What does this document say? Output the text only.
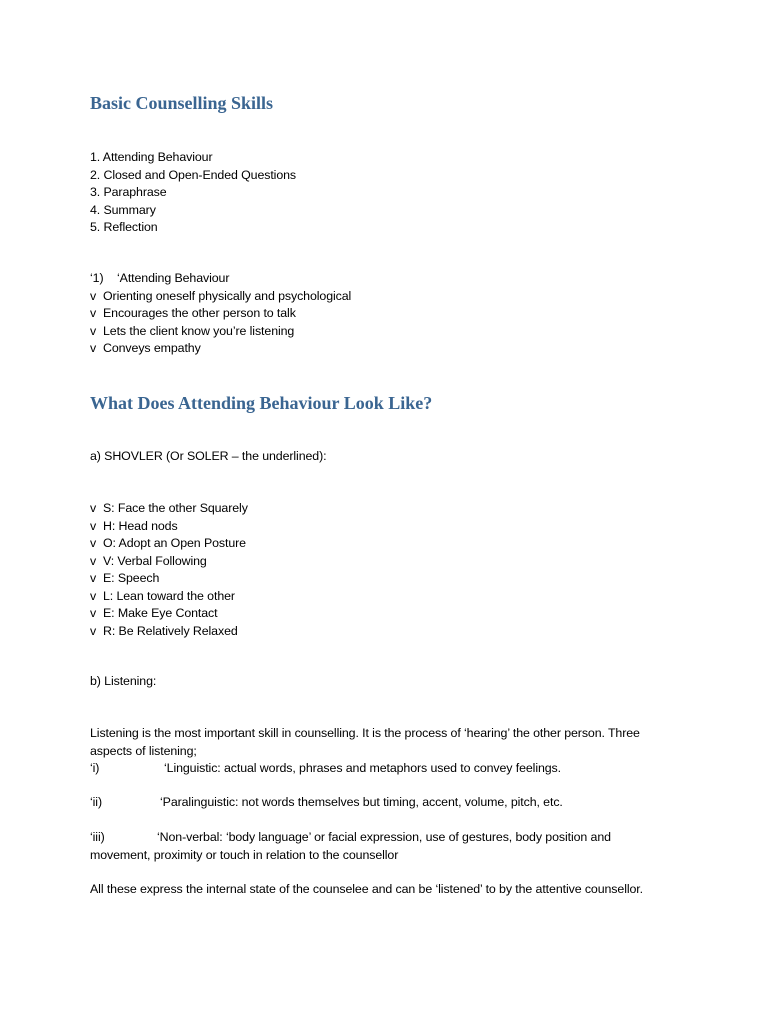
Basic Counselling Skills
1. Attending Behaviour
2. Closed and Open-Ended Questions
3. Paraphrase
4. Summary
5. Reflection
‘1) ‘Attending Behaviour
v Orienting oneself physically and psychological
v Encourages the other person to talk
v Lets the client know you’re listening
v Conveys empathy
What Does Attending Behaviour Look Like?
a) SHOVLER (Or SOLER – the underlined):
v S: Face the other Squarely
v H: Head nods
v O: Adopt an Open Posture
v V: Verbal Following
v E: Speech
v L: Lean toward the other
v E: Make Eye Contact
v R: Be Relatively Relaxed
b) Listening:
Listening is the most important skill in counselling. It is the process of ‘hearing’ the other person. Three
aspects of listening;
‘i)	‘Linguistic: actual words, phrases and metaphors used to convey feelings.
‘ii)	‘Paralinguistic: not words themselves but timing, accent, volume, pitch, etc.
‘iii)	‘Non-verbal: ‘body language’ or facial expression, use of gestures, body position and
movement, proximity or touch in relation to the counsellor
All these express the internal state of the counselee and can be ‘listened’ to by the attentive counsellor.
